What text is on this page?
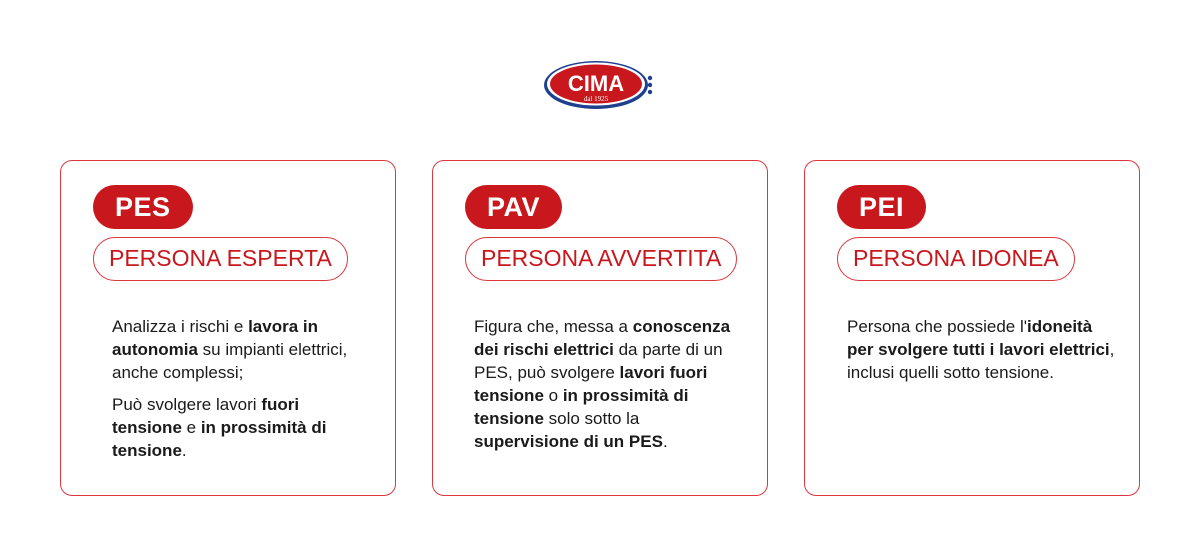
CIMA
dal 1925
PES
PERSONA ESPERTA

Analizza i rischi e lavora in autonomia su impianti elettrici, anche complessi;

Può svolgere lavori fuori tensione e in prossimità di tensione.

PAV
PERSONA AVVERTITA

Figura che, messa a conoscenza dei rischi elettrici da parte di un PES, può svolgere lavori fuori tensione o in prossimità di tensione solo sotto la supervisione di un PES.

PEI
PERSONA IDONEA

Persona che possiede l'idoneità per svolgere tutti i lavori elettrici, inclusi quelli sotto tensione.
